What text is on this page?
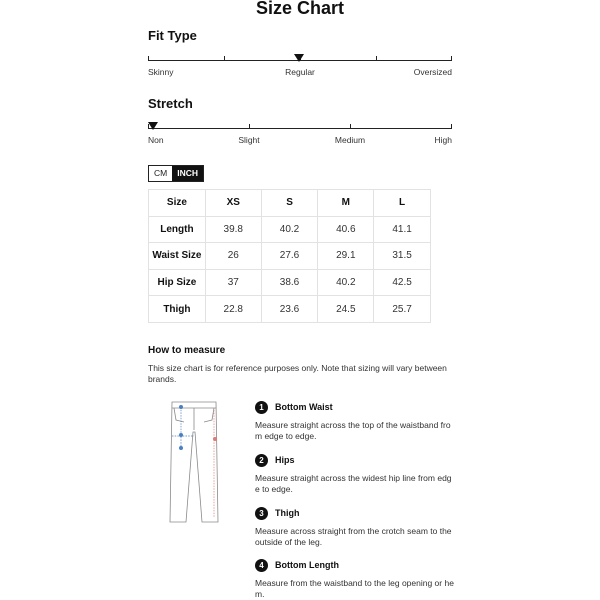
Size Chart
Fit Type
Skinny	Regular	Oversized
Stretch
Non	Slight	Medium	High
CM	INCH
Size	XS	S	M	L
Length	39.8	40.2	40.6	41.1
Waist Size	26	27.6	29.1	31.5
Hip Size	37	38.6	40.2	42.5
Thigh	22.8	23.6	24.5	25.7
How to measure
This size chart is for reference purposes only. Note that sizing will vary between brands.
1	Bottom Waist
Measure straight across the top of the waistband from edge to edge.
2	Hips
Measure straight across the widest hip line from edge to edge.
3	Thigh
Measure across straight from the crotch seam to the outside of the leg.
4	Bottom Length
Measure from the waistband to the leg opening or hem.
